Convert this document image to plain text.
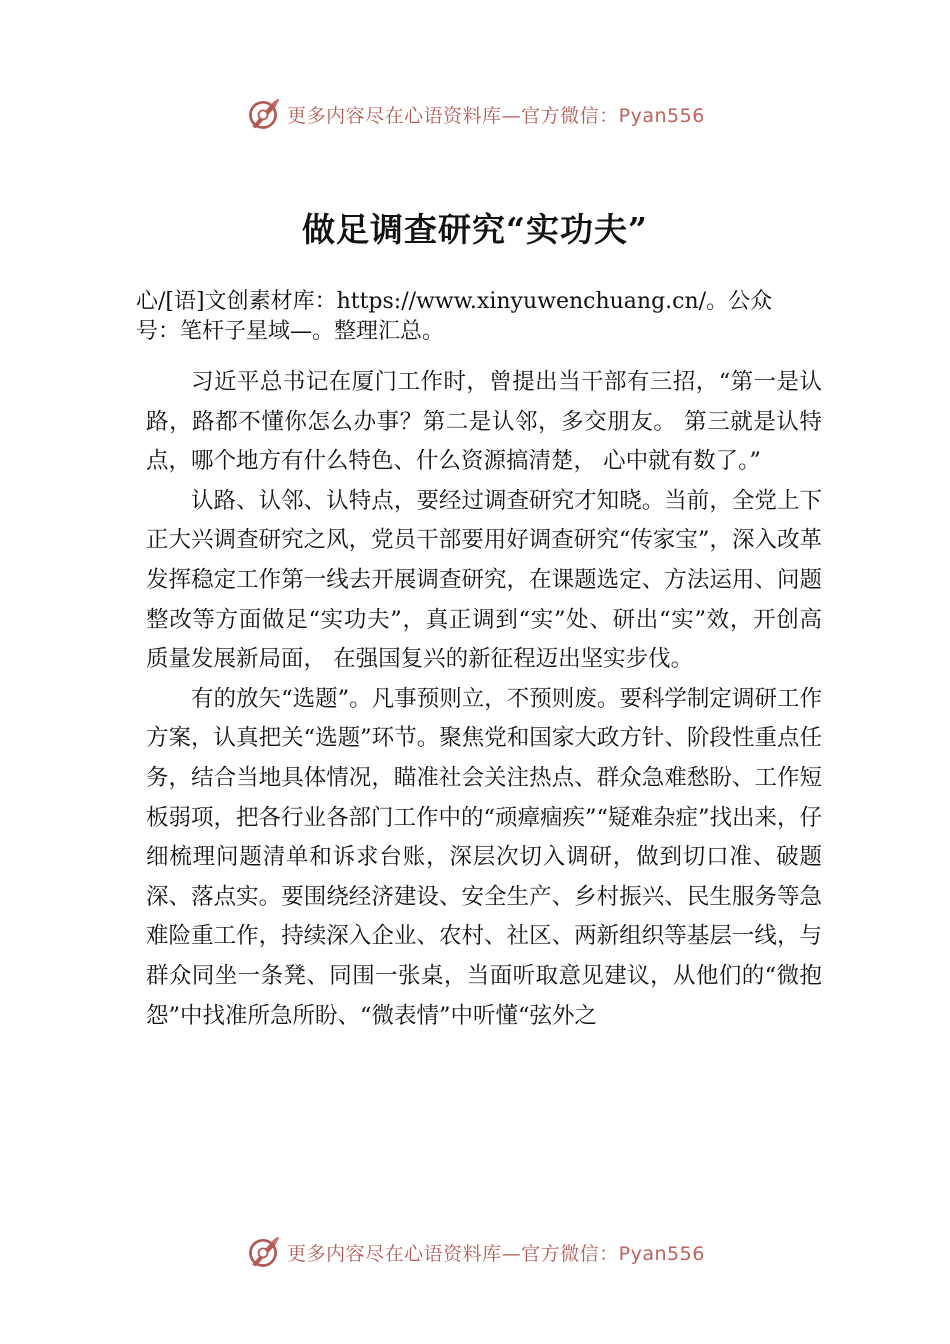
更多内容尽在心语资料库—官方微信：Pyan556
做足调查研究“实功夫”
心/[语]文创素材库：https://www.xinyuwenchuang.cn/。公众号：笔杆子星域—。整理汇总。

习近平总书记在厦门工作时，曾提出当干部有三招，“第一是认路，路都不懂你怎么办事？第二是认邻，多交朋友。 第三就是认特点，哪个地方有什么特色、什么资源搞清楚， 心中就有数了。”

认路、认邻、认特点，要经过调查研究才知晓。当前，全党上下正大兴调查研究之风，党员干部要用好调查研究“传家宝”，深入改革发挥稳定工作第一线去开展调查研究，在课题选定、方法运用、问题整改等方面做足“实功夫”，真正调到“实”处、研出“实”效，开创高质量发展新局面， 在强国复兴的新征程迈出坚实步伐。

有的放矢“选题”。凡事预则立，不预则废。要科学制定调研工作方案，认真把关“选题”环节。聚焦党和国家大政方针、阶段性重点任务，结合当地具体情况，瞄准社会关注热点、群众急难愁盼、工作短板弱项，把各行业各部门工作中的“顽瘴痼疾”“疑难杂症”找出来，仔细梳理问题清单和诉求台账，深层次切入调研，做到切口准、破题深、落点实。要围绕经济建设、安全生产、乡村振兴、民生服务等急难险重工作，持续深入企业、农村、社区、两新组织等基层一线，与群众同坐一条凳、同围一张桌，当面听取意见建议，从他们的“微抱怨”中找准所急所盼、“微表情”中听懂“弦外之

更多内容尽在心语资料库—官方微信：Pyan556
